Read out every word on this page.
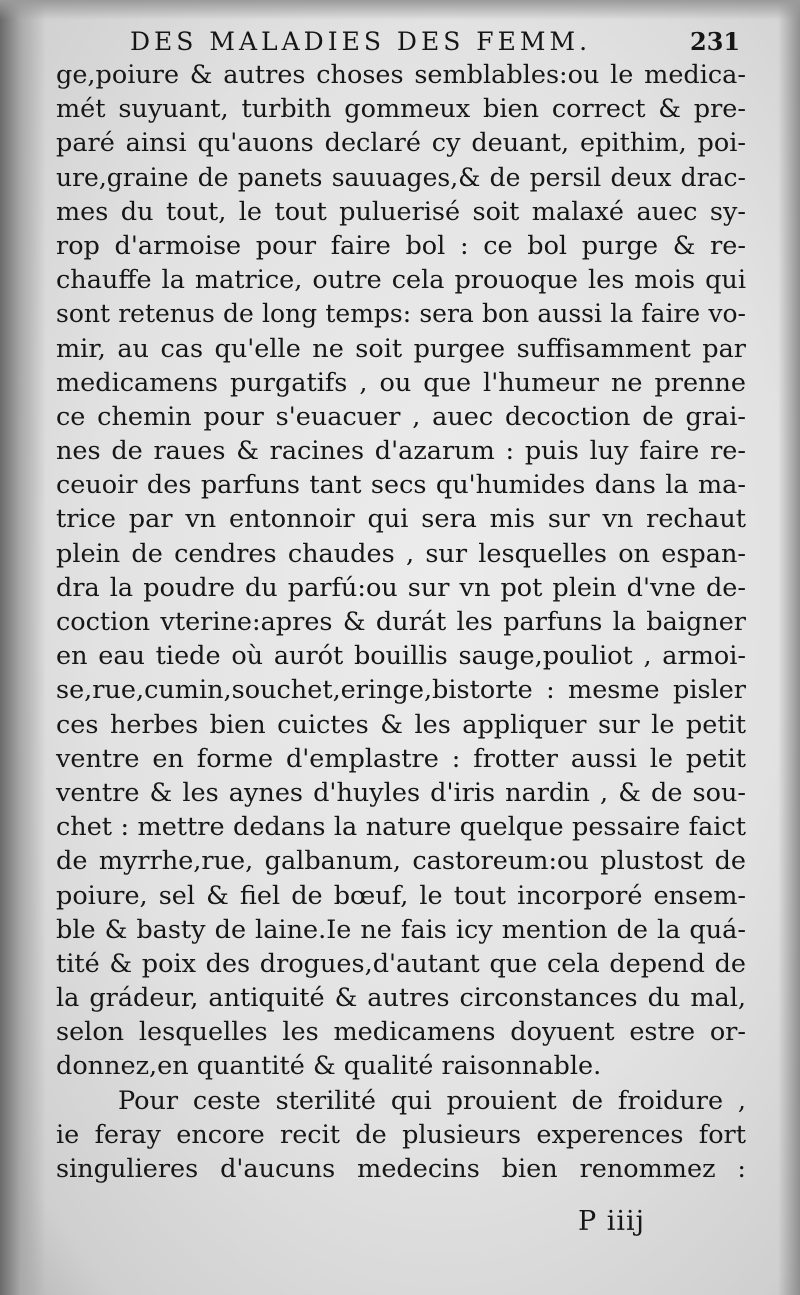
DES MALADIES DES FEMM.	231
ge,poiure & autres choses semblables:ou le medica-
mét suyuant, turbith gommeux bien correct & pre-
paré ainsi qu'auons declaré cy deuant, epithim, poi-
ure,graine de panets sauuages,& de persil deux drac-
mes du tout, le tout puluerisé soit malaxé auec sy-
rop d'armoise pour faire bol : ce bol purge & re-
chauffe la matrice, outre cela prouoque les mois qui
sont retenus de long temps: sera bon aussi la faire vo-
mir, au cas qu'elle ne soit purgee suffisamment par
medicamens purgatifs , ou que l'humeur ne prenne
ce chemin pour s'euacuer , auec decoction de grai-
nes de raues & racines d'azarum : puis luy faire re-
ceuoir des parfuns tant secs qu'humides dans la ma-
trice par vn entonnoir qui sera mis sur vn rechaut
plein de cendres chaudes , sur lesquelles on espan-
dra la poudre du parfú:ou sur vn pot plein d'vne de-
coction vterine:apres & durát les parfuns la baigner
en eau tiede où aurót bouillis sauge,pouliot , armoi-
se,rue,cumin,souchet,eringe,bistorte : mesme pisler
ces herbes bien cuictes & les appliquer sur le petit
ventre en forme d'emplastre : frotter aussi le petit
ventre & les aynes d'huyles d'iris nardin , & de sou-
chet : mettre dedans la nature quelque pessaire faict
de myrrhe,rue, galbanum, castoreum:ou plustost de
poiure, sel & fiel de bœuf, le tout incorporé ensem-
ble & basty de laine.Ie ne fais icy mention de la quá-
tité & poix des drogues,d'autant que cela depend de
la grádeur, antiquité & autres circonstances du mal,
selon lesquelles les medicamens doyuent estre or-
donnez,en quantité & qualité raisonnable.
Pour ceste sterilité qui prouient de froidure ,
ie feray encore recit de plusieurs experences fort
singulieres d'aucuns medecins bien renommez :
P iiij
